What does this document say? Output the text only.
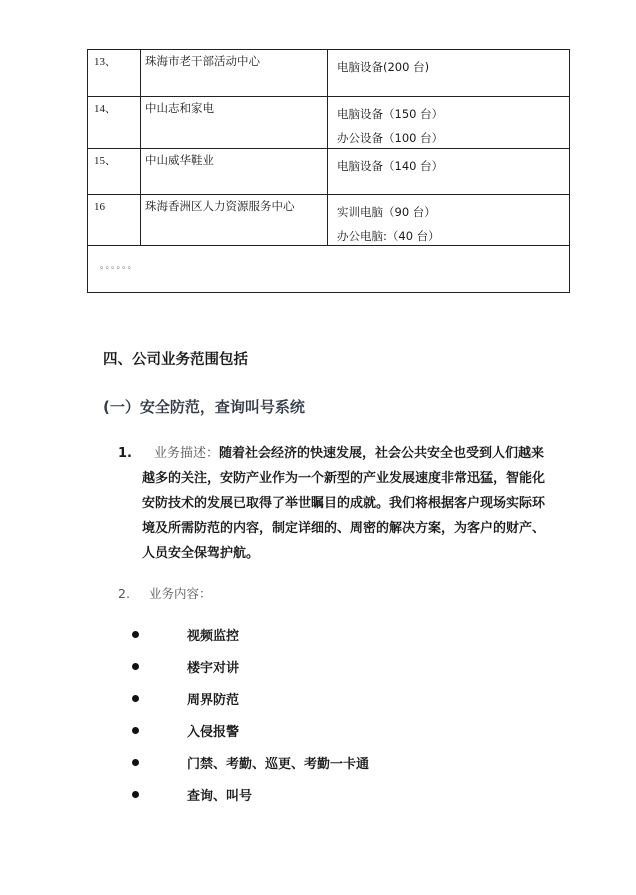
13、	珠海市老干部活动中心	电脑设备(200 台)

14、	中山志和家电	电脑设备（150 台）
办公设备（100 台）

15、	中山威华鞋业	电脑设备（140 台）

16	珠海香洲区人力资源服务中心	实训电脑（90 台）
办公电脑:（40 台）

。。。。。。		
四、公司业务范围包括
(一）安全防范，查询叫号系统
1. 业务描述：随着社会经济的快速发展，社会公共安全也受到人们越来
越多的关注，安防产业作为一个新型的产业发展速度非常迅猛，智能化
安防技术的发展已取得了举世瞩目的成就。我们将根据客户现场实际环
境及所需防范的内容，制定详细的、周密的解决方案，为客户的财产、
人员安全保驾护航。
2. 业务内容：
视频监控
楼宇对讲
周界防范
入侵报警
门禁、考勤、巡更、考勤一卡通
查询、叫号
